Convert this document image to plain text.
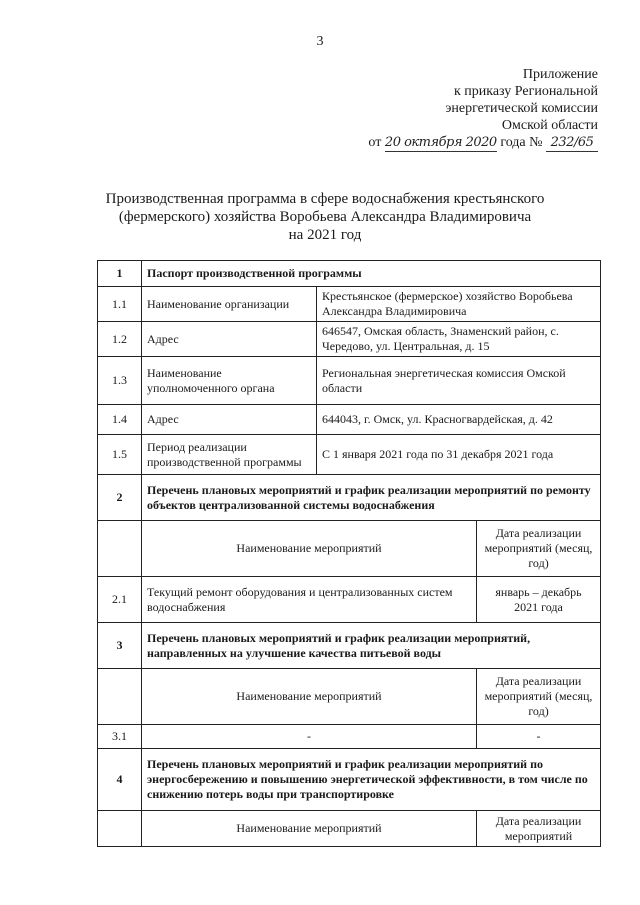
3
Приложение
к приказу Региональной
энергетической комиссии
Омской области
от 20 октября 2020 года № 232/65
Производственная программа в сфере водоснабжения крестьянского
(фермерского) хозяйства Воробьева Александра Владимировича
на 2021 год
1	Паспорт производственной программы		
1.1	Наименование организации	Крестьянское (фермерское) хозяйство Воробьева Александра Владимировича	
1.2	Адрес	646547, Омская область, Знаменский район, с. Чередово, ул. Центральная, д. 15	
1.3	Наименование уполномоченного органа	Региональная энергетическая комиссия Омской области	
1.4	Адрес	644043, г. Омск, ул. Красногвардейская, д. 42	
1.5	Период реализации производственной программы	С 1 января 2021 года по 31 декабря 2021 года	
2	Перечень плановых мероприятий и график реализации мероприятий по ремонту объектов централизованной системы водоснабжения		
	Наименование мероприятий		Дата реализации мероприятий (месяц, год)
2.1	Текущий ремонт оборудования и централизованных систем водоснабжения		январь – декабрь 2021 года
3	Перечень плановых мероприятий и график реализации мероприятий, направленных на улучшение качества питьевой воды		
	Наименование мероприятий		Дата реализации мероприятий (месяц, год)
3.1	-		-
4	Перечень плановых мероприятий и график реализации мероприятий по энергосбережению и повышению энергетической эффективности, в том числе по снижению потерь воды при транспортировке		
	Наименование мероприятий		Дата реализации мероприятий
